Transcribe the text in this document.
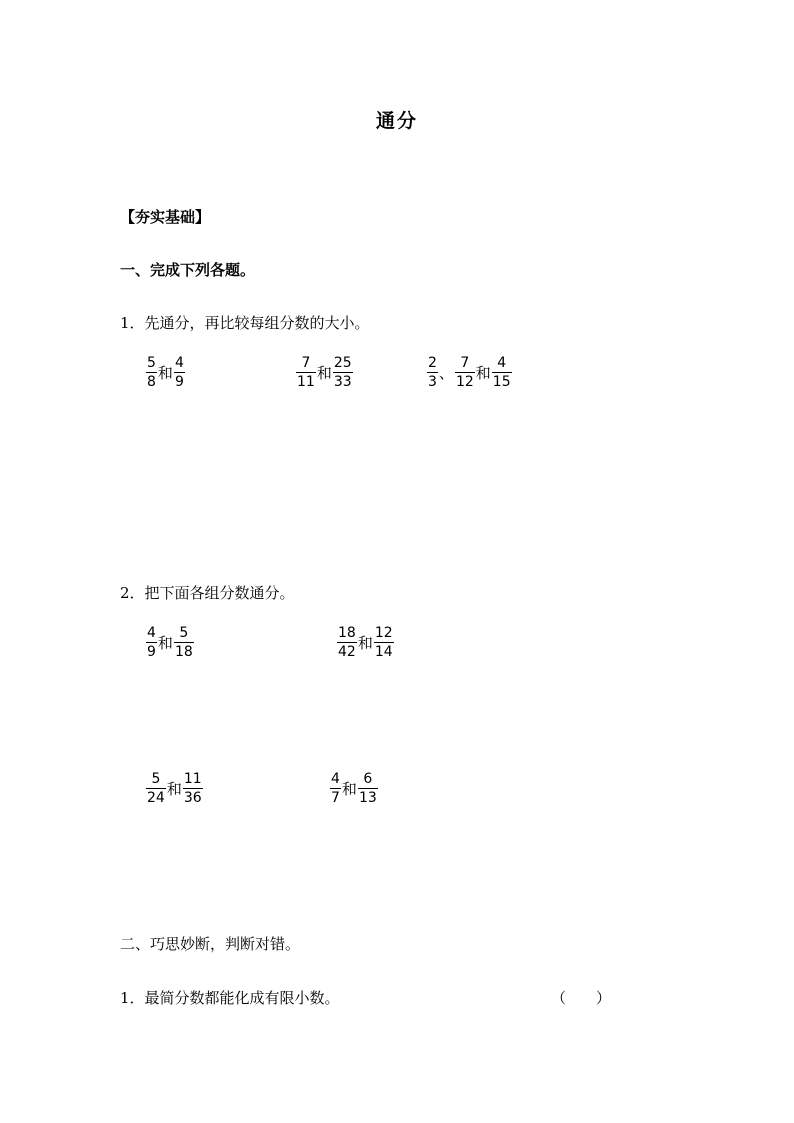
通分
【夯实基础】
一、完成下列各题。
1．先通分，再比较每组分数的大小。
$\frac{5}{8}$ 和 $\frac{4}{9}$	$\frac{7}{11}$ 和 $\frac{25}{33}$	$\frac{2}{3}$ 、 $\frac{7}{12}$ 和 $\frac{4}{15}$
2．把下面各组分数通分。
$\frac{4}{9}$ 和 $\frac{5}{18}$	$\frac{18}{42}$ 和 $\frac{12}{14}$
$\frac{5}{24}$ 和 $\frac{11}{36}$	$\frac{4}{7}$ 和 $\frac{6}{13}$
二、巧思妙断，判断对错。
1．最简分数都能化成有限小数。	（　　）
